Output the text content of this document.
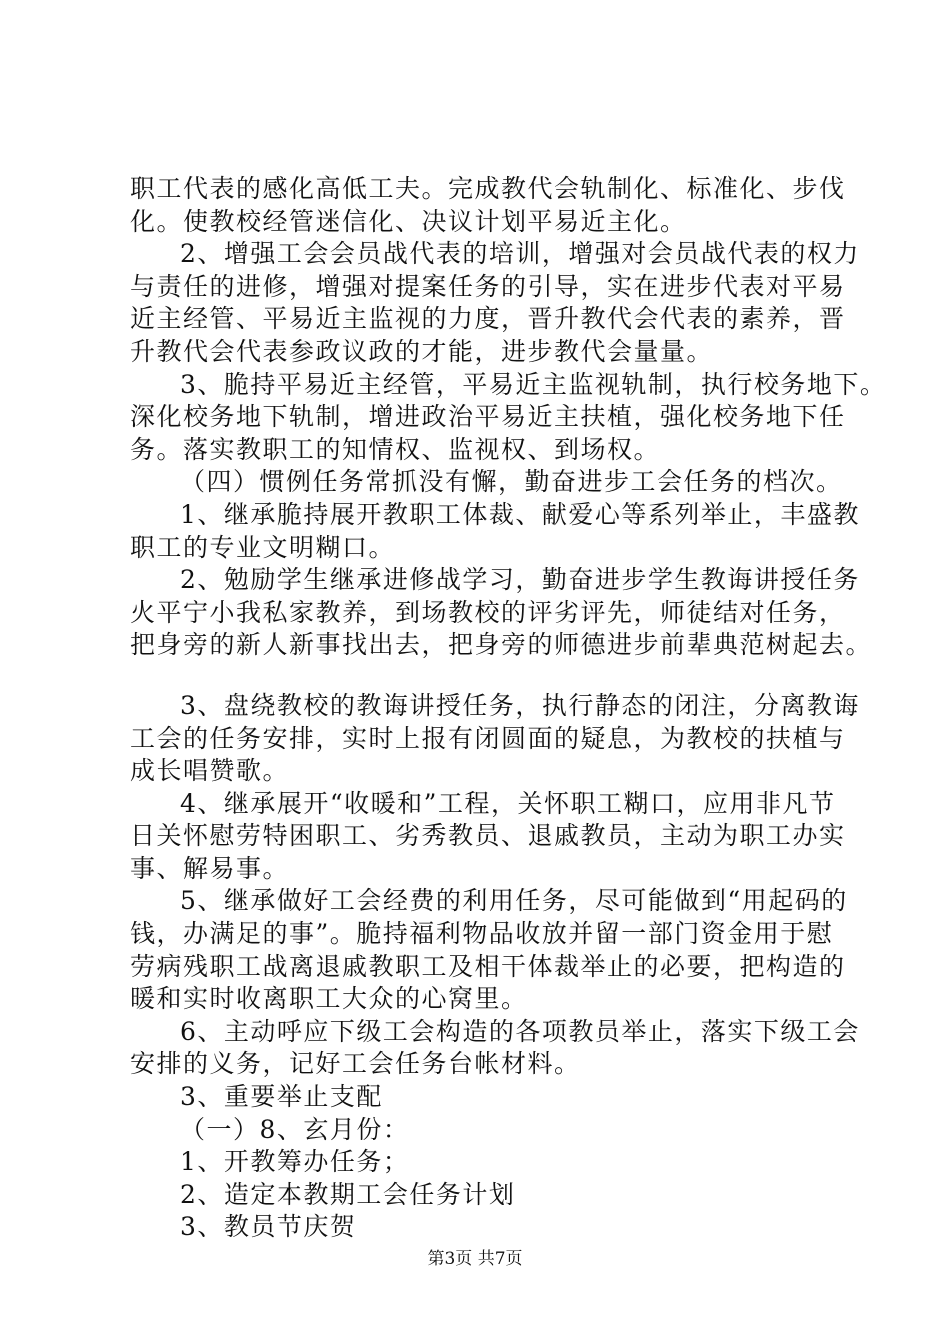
职工代表的感化高低工夫。完成教代会轨制化、标准化、步伐
化。使教校经管迷信化、决议计划平易近主化。
2、增强工会会员战代表的培训，增强对会员战代表的权力
与责任的进修，增强对提案任务的引导，实在进步代表对平易
近主经管、平易近主监视的力度，晋升教代会代表的素养，晋
升教代会代表参政议政的才能，进步教代会量量。
3、脆持平易近主经管，平易近主监视轨制，执行校务地下。
深化校务地下轨制，增进政治平易近主扶植，强化校务地下任
务。落实教职工的知情权、监视权、到场权。
（四）惯例任务常抓没有懈，勤奋进步工会任务的档次。
1、继承脆持展开教职工体裁、献爱心等系列举止，丰盛教
职工的专业文明糊口。
2、勉励学生继承进修战学习，勤奋进步学生教诲讲授任务
火平宁小我私家教养，到场教校的评劣评先，师徒结对任务，
把身旁的新人新事找出去，把身旁的师德进步前辈典范树起去。
3、盘绕教校的教诲讲授任务，执行静态的闭注，分离教诲
工会的任务安排，实时上报有闭圆面的疑息，为教校的扶植与
成长唱赞歌。
4、继承展开“收暖和”工程，关怀职工糊口，应用非凡节
日关怀慰劳特困职工、劣秀教员、退戚教员，主动为职工办实
事、解易事。
5、继承做好工会经费的利用任务，尽可能做到“用起码的
钱，办满足的事”。脆持福利物品收放并留一部门资金用于慰
劳病残职工战离退戚教职工及相干体裁举止的必要，把构造的
暖和实时收离职工大众的心窝里。
6、主动呼应下级工会构造的各项教员举止，落实下级工会
安排的义务，记好工会任务台帐材料。
3、重要举止支配
（一）8、玄月份：
1、开教筹办任务；
2、造定本教期工会任务计划
3、教员节庆贺
第3页 共7页
